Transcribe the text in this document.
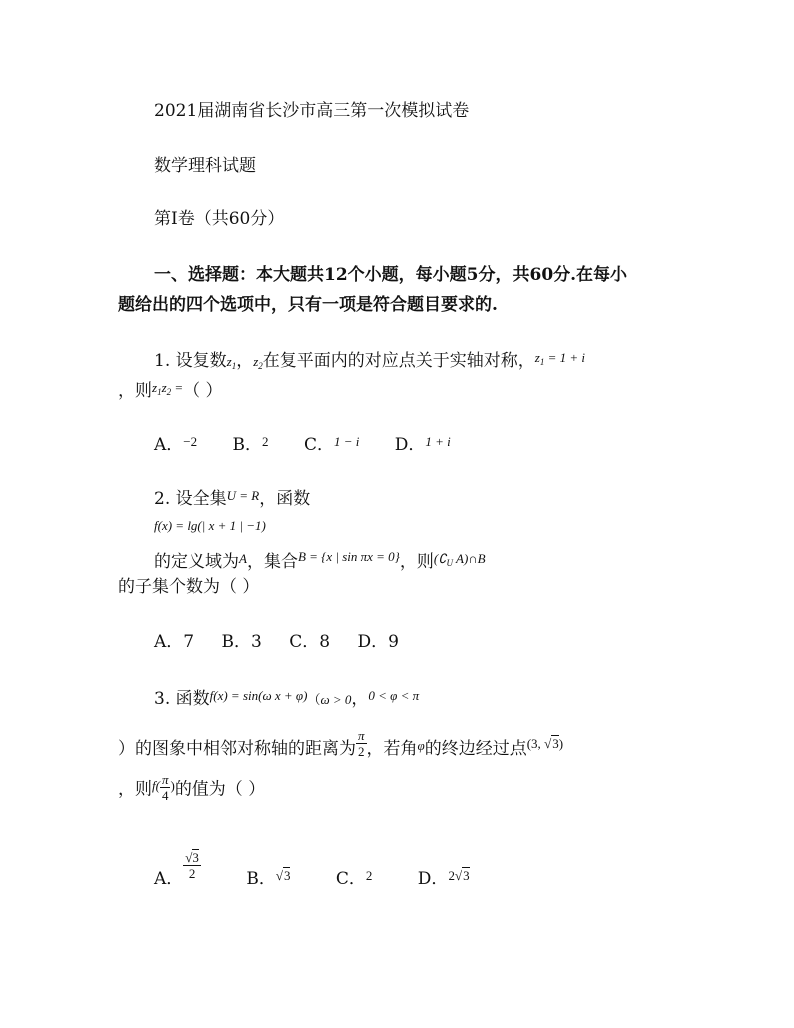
2021届湖南省长沙市高三第一次模拟试卷
数学理科试题
第Ⅰ卷（共60分）
一、选择题：本大题共12个小题，每小题5分，共60分.在每小
题给出的四个选项中，只有一项是符合题目要求的.
1. 设复数$z_1$，$z_2$在复平面内的对应点关于实轴对称，$^{z_1 = 1 + i}$
，则$^{z_1z_2 =}$（ ）
A．$^{-2}$ B．$^2$ C．$^{1 - i}$ D．$^{1 + i}$
2. 设全集$^{U = R}$，函数
f(x) = lg(| x + 1 | −1)
的定义域为$^A$，集合$^{B = \{x | sin \pi x = 0\}}$，则$^{(∁_U A)\cap B}$
的子集个数为（ ）
A．7 B．3 C．8 D．9
3. 函数$^{f(x) = sin(\omega x + \varphi)}$（ω > 0，$^{0 < \varphi < \pi}$
）的图象中相邻对称轴的距离为 $\frac{\pi}{2}$ ，若角$^\varphi$的终边经过点$^{(3, √3)}$
，则$^{f( \frac{\pi}{4} )}$的值为（ ）
A． $\frac{√3}{2}$	B．$^{√3}$	C．$^2$	D．$^{2√3}$
